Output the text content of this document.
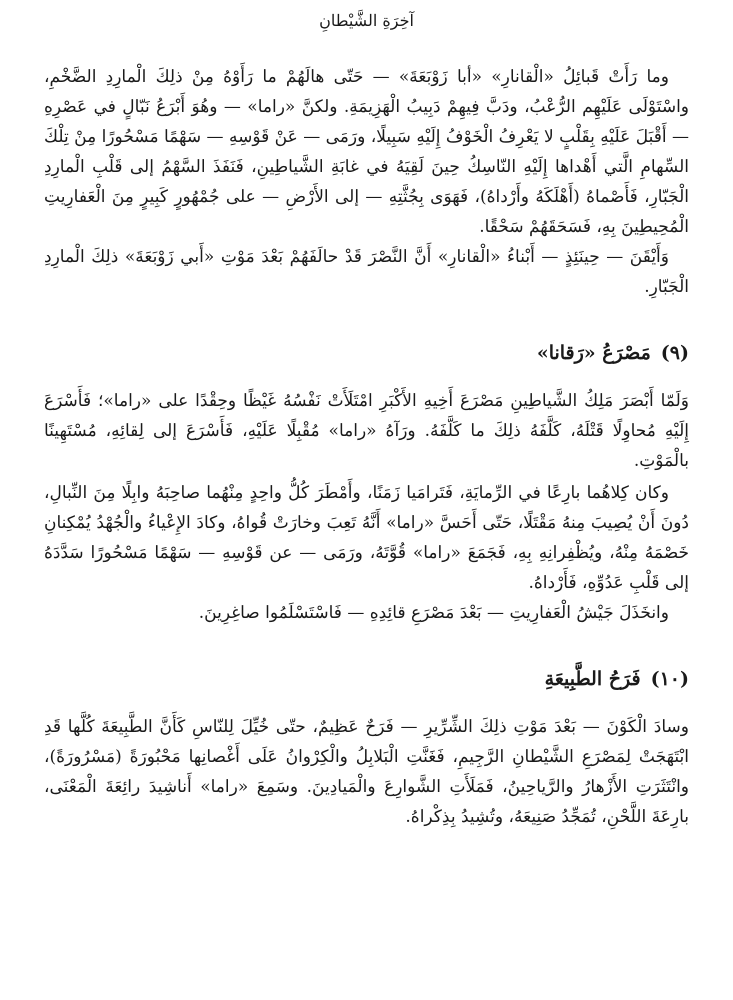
آخِرَةِ الشَّيْطانِ

وما رَأَتْ قَبائِلُ «الْقانارِ» «أبا زَوْبَعَةَ» — حَتّى هالَهُمْ ما رَأَوْهُ مِنْ ذلِكَ الْمارِدِ الضَّخْمِ، واسْتَوْلَى عَلَيْهِم الرُّعْبُ، ودَبَّ فِيهِمْ دَبِيبُ الْهَزِيمَةِ. ولكنَّ «راما» — وهُوَ أَبْرَعُ نَبّالٍ في عَصْرِهِ — أَقْبَلَ عَلَيْهِ بِقَلْبٍ لا يَعْرِفُ الْخَوْفُ إِلَيْهِ سَبِيلًا، ورَمَى — عَنْ قَوْسِهِ — سَهْمًا مَسْحُورًا مِنْ تِلْكَ السِّهامِ الَّتي أَهْداها إِلَيْهِ النّاسِكُ حِينَ لَقِيَهُ في غابَةِ الشَّياطِينِ، فَنَفَذَ السَّهْمُ إلى قَلْبِ الْمارِدِ الْجَبّارِ، فَأَصْماهُ (أَهْلَكَهُ وأَرْداهُ)، فَهَوَى بِجُثَّتِهِ — إلى الأَرْضِ — على جُمْهُورٍ كَبِيرٍ مِنَ الْعَفارِيتِ الْمُحِيطِينَ بِهِ، فَسَحَقَهُمْ سَحْقًا.

وَأَيْقَنَ — حِينَئِذٍ — أَبْناءُ «الْقانارِ» أَنَّ النَّصْرَ قَدْ حالَفَهُمْ بَعْدَ مَوْتِ «أَبي زَوْبَعَةَ» ذلِكَ الْمارِدِ الْجَبّارِ.

(٩)
مَصْرَعُ «رَقانا»

وَلَمّا أَبْصَرَ مَلِكُ الشَّياطِينِ مَصْرَعَ أَخِيهِ الأَكْبَرِ امْتَلَأَتْ نَفْسُهُ غَيْظًا وحِقْدًا على «راما»؛ فَأَسْرَعَ إِلَيْهِ مُحاوِلًا قَتْلَهُ، كَلَّفَهُ ذلِكَ ما كَلَّفَهُ. ورَآهُ «راما» مُقْبِلًا عَلَيْهِ، فَأَسْرَعَ إلى لِقائِهِ، مُسْتَهِينًا بالْمَوْتِ.

وكان كِلاهُما بارِعًا في الرِّمايَةِ، فَتَرامَيا زَمَنًا، وأَمْطَرَ كُلُّ واحِدٍ مِنْهُما صاحِبَهُ وابِلًا مِنَ النِّبالِ، دُونَ أَنْ يُصِيبَ مِنهُ مَقْتَلًا، حَتّى أَحَسَّ «راما» أَنَّهُ تَعِبَ وخارَتْ قُواهُ، وكادَ الإِعْياءُ والْجُهْدُ يُمْكِنانِ خَصْمَهُ مِنْهُ، ويُظْفِرانِهِ بِهِ، فَجَمَعَ «راما» قُوَّتَهُ، ورَمَى — عن قَوْسِهِ — سَهْمًا مَسْحُورًا سَدَّدَهُ إلى قَلْبِ عَدُوِّهِ، فَأَرْداهُ.

وانخَذَلَ جَيْشُ الْعَفارِيتِ — بَعْدَ مَصْرَعِ قائِدِهِ — فَاسْتَسْلَمُوا صاغِرِينَ.

(١٠)
فَرَحُ الطَّبِيعَةِ

وسادَ الْكَوْنَ — بَعْدَ مَوْتِ ذلِكَ الشِّرِّيرِ — فَرَحٌ عَظِيمٌ، حتّى خُيِّلَ لِلنّاسِ كَأَنَّ الطَّبِيعَةَ كُلَّها قَدِ ابْتَهَجَتْ لِمَصْرَعِ الشَّيْطانِ الرَّجِيمِ، فَغَنَّتِ الْبَلابِلُ والْكِرْوانُ عَلَى أَغْصانِها مَحْبُورَةً (مَسْرُورَةً)، وانْتَثَرَتِ الأَزْهارُ والرَّياحِينُ، فَمَلَأَتِ الشَّوارِعَ والْمَيادِينَ. وسَمِعَ «راما» أَناشِيدَ رائِعَةَ الْمَعْنَى، بارِعَةَ اللَّحْنِ، تُمَجِّدُ صَنِيعَهُ، وتُشِيدُ بِذِكْراهُ.
